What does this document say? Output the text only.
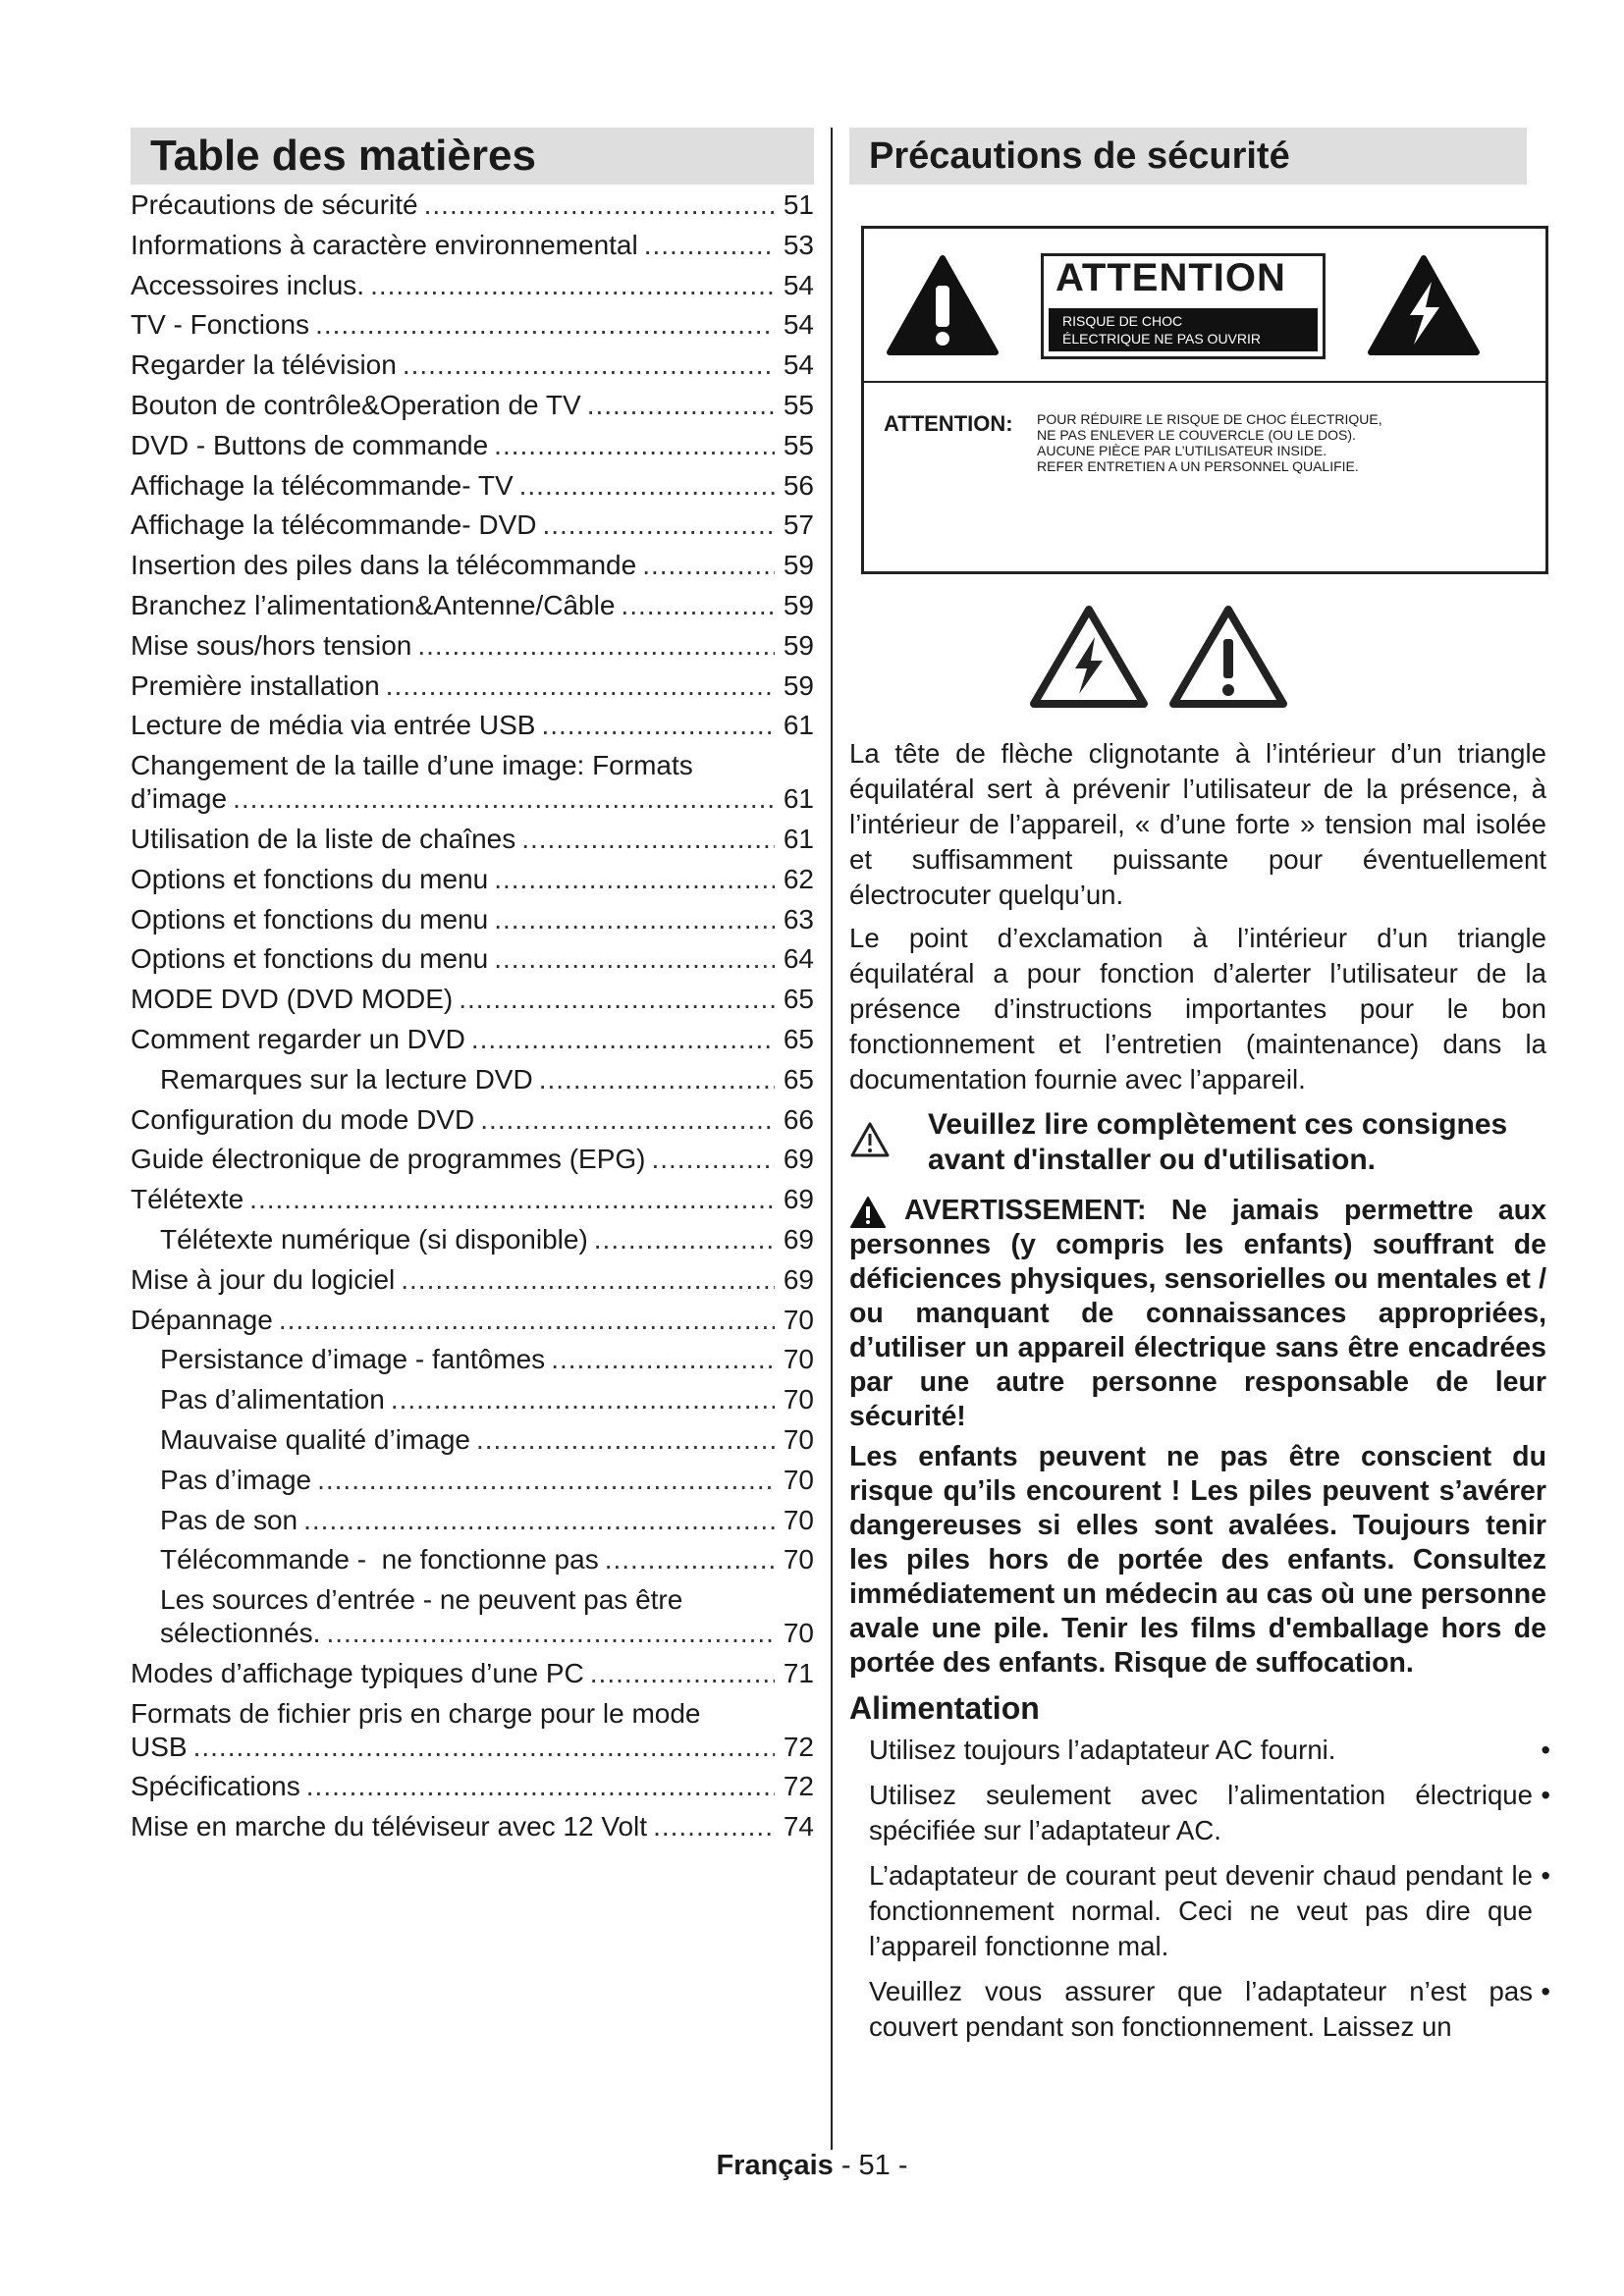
Table des matières
Précautions de sécurité .....	51
Informations à caractère environnemental .....	53
Accessoires inclus. .....	54
TV - Fonctions .....	54
Regarder la télévision .....	54
Bouton de contrôle&Operation de TV .....	55
DVD - Buttons de commande .....	55
Affichage la télécommande- TV .....	56
Affichage la télécommande- DVD .....	57
Insertion des piles dans la télécommande .....	59
Branchez l’alimentation&Antenne/Câble .....	59
Mise sous/hors tension .....	59
Première installation .....	59
Lecture de média via entrée USB .....	61
Changement de la taille d’une image: Formats
d’image .....	61
Utilisation de la liste de chaînes .....	61
Options et fonctions du menu .....	62
Options et fonctions du menu .....	63
Options et fonctions du menu .....	64
MODE DVD (DVD MODE) .....	65
Comment regarder un DVD .....	65
Remarques sur la lecture DVD .....	65
Configuration du mode DVD .....	66
Guide électronique de programmes (EPG) .....	69
Télétexte .....	69
Télétexte numérique (si disponible) .....	69
Mise à jour du logiciel .....	69
Dépannage .....	70
Persistance d’image - fantômes .....	70
Pas d’alimentation .....	70
Mauvaise qualité d’image .....	70
Pas d’image .....	70
Pas de son .....	70
Télécommande -  ne fonctionne pas .....	70
Les sources d’entrée - ne peuvent pas être
sélectionnés. .....	70
Modes d’affichage typiques d’une PC .....	71
Formats de fichier pris en charge pour le mode
USB .....	72
Spécifications .....	72
Mise en marche du téléviseur avec 12 Volt .....	74
Précautions de sécurité
ATTENTION
RISQUE DE CHOC
ÉLECTRIQUE NE PAS OUVRIR
ATTENTION: POUR RÉDUIRE LE RISQUE DE CHOC ÉLECTRIQUE,
NE PAS ENLEVER LE COUVERCLE (OU LE DOS).
AUCUNE PIÈCE PAR L’UTILISATEUR INSIDE.
REFER ENTRETIEN A UN PERSONNEL QUALIFIE.

La tête de flèche clignotante à l’intérieur d’un triangle équilatéral sert à prévenir l’utilisateur de la présence, à l’intérieur de l’appareil, « d’une forte » tension mal isolée et suffisamment puissante pour éventuellement électrocuter quelqu’un.

Le point d’exclamation à l’intérieur d’un triangle équilatéral a pour fonction d’alerter l’utilisateur de la présence d’instructions importantes pour le bon fonctionnement et l’entretien (maintenance) dans la documentation fournie avec l’appareil.

Veuillez lire complètement ces consignes
avant d'installer ou d'utilisation.

AVERTISSEMENT: Ne jamais permettre aux personnes (y compris les enfants) souffrant de déficiences physiques, sensorielles ou mentales et / ou manquant de connaissances appropriées, d’utiliser un appareil électrique sans être encadrées par une autre personne responsable de leur sécurité!

Les enfants peuvent ne pas être conscient du risque qu’ils encourent ! Les piles peuvent s’avérer dangereuses si elles sont avalées. Toujours tenir les piles hors de portée des enfants. Consultez immédiatement un médecin au cas où une personne avale une pile. Tenir les films d'emballage hors de portée des enfants. Risque de suffocation.

Alimentation

Utilisez toujours l’adaptateur AC fourni.	•

Utilisez seulement avec l’alimentation électrique spécifiée sur l’adaptateur AC.
•

L’adaptateur de courant peut devenir chaud pendant le fonctionnement normal. Ceci ne veut pas dire que l’appareil fonctionne mal.
•

Veuillez vous assurer que l’adaptateur n’est pas couvert pendant son fonctionnement. Laissez un
•

Français - 51 -
